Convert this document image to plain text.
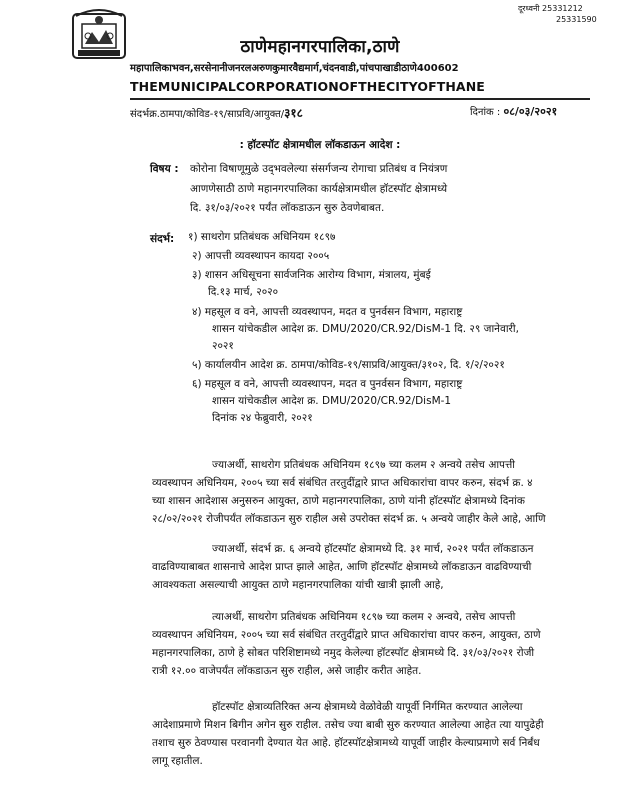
दूरध्वनी 25331212
25331590
ठाणेमहानगरपालिका,ठाणे
महापालिकाभवन,सरसेनानीजनरलअरुणकुमारवैद्यमार्ग,चंदनवाडी,पांचपाखाडीठाणे400602
THEMUNICIPALCORPORATIONOFTHECITYOFTHANE
संदर्भक्र.ठामपा/कोविड-१९/साप्रवि/आयुक्त/३१८	दिनांक : ०८/०३/२०२१
: हॉटस्पॉट क्षेत्रामधील लॉकडाऊन आदेश :
विषय : कोरोना विषाणूमुळे उद्‌भवलेल्या संसर्गजन्य रोगाचा प्रतिबंध व नियंत्रण
आणणेसाठी ठाणे महानगरपालिका कार्यक्षेत्रामधील हॉटस्पॉट क्षेत्रामध्ये
दि. ३१/०३/२०२१ पर्यंत लॉकडाऊन सुरु ठेवणेबाबत.
संदर्भ: १) साथरोग प्रतिबंधक अधिनियम १८९७
२) आपत्ती व्यवस्थापन कायदा २००५
३) शासन अधिसूचना सार्वजनिक आरोग्य विभाग, मंत्रालय, मुंबई
दि.१३ मार्च, २०२०
४) महसूल व वने, आपत्ती व्यवस्थापन, मदत व पुनर्वसन विभाग, महाराष्ट्र
शासन यांचेकडील आदेश क्र. DMU/2020/CR.92/DisM-1 दि. २९ जानेवारी,
२०२१
५) कार्यालयीन आदेश क्र. ठामपा/कोविड-१९/साप्रवि/आयुक्त/३१०२, दि. १/२/२०२१
६) महसूल व वने, आपत्ती व्यवस्थापन, मदत व पुनर्वसन विभाग, महाराष्ट्र
शासन यांचेकडील आदेश क्र. DMU/2020/CR.92/DisM-1
दिनांक २४ फेब्रुवारी, २०२१
ज्याअर्थी, साथरोग प्रतिबंधक अधिनियम १८९७ च्या कलम २ अन्वये तसेच आपत्ती व्यवस्थापन अधिनियम, २००५ च्या सर्व संबंधित तरतुदींद्वारे प्राप्त अधिकारांचा वापर करुन, संदर्भ क्र. ४ च्या शासन आदेशास अनुसरुन आयुक्त, ठाणे महानगरपालिका, ठाणे यांनी हॉटस्पॉट क्षेत्रामध्ये दिनांक २८/०२/२०२१ रोजीपर्यंत लॉकडाऊन सुरु राहील असे उपरोक्त संदर्भ क्र. ५ अन्वये जाहीर केले आहे, आणि
ज्याअर्थी, संदर्भ क्र. ६ अन्वये हॉटस्पॉट क्षेत्रामध्ये दि. ३१ मार्च, २०२१ पर्यंत लॉकडाऊन वाढविण्याबाबत शासनाचे आदेश प्राप्त झाले आहेत, आणि हॉटस्पॉट क्षेत्रामध्ये लॉकडाऊन वाढविण्याची आवश्यकता असल्याची आयुक्त ठाणे महानगरपालिका यांची खात्री झाली आहे,
त्याअर्थी, साथरोग प्रतिबंधक अधिनियम १८९७ च्या कलम २ अन्वये, तसेच आपत्ती व्यवस्थापन अधिनियम, २००५ च्या सर्व संबंधित तरतुदींद्वारे प्राप्त अधिकारांचा वापर करुन, आयुक्त, ठाणे महानगरपालिका, ठाणे हे सोबत परिशिष्टामध्ये नमुद केलेल्या हॉटस्पॉट क्षेत्रामध्ये दि. ३१/०३/२०२१ रोजी रात्री १२.०० वाजेपर्यंत लॉकडाऊन सुरु राहील, असे जाहीर करीत आहेत.
हॉटस्पॉट क्षेत्राव्यतिरिक्त अन्य क्षेत्रामध्ये वेळोवेळी यापूर्वी निर्गमित करण्यात आलेल्या आदेशाप्रमाणे मिशन बिगीन अगेन सुरु राहील. तसेच ज्या बाबी सुरु करण्यात आलेल्या आहेत त्या यापुढेही तशाच सुरु ठेवण्यास परवानगी देण्यात येत आहे. हॉटस्पॉटक्षेत्रामध्ये यापूर्वी जाहीर केल्याप्रमाणे सर्व निर्बंध लागू रहातील.
